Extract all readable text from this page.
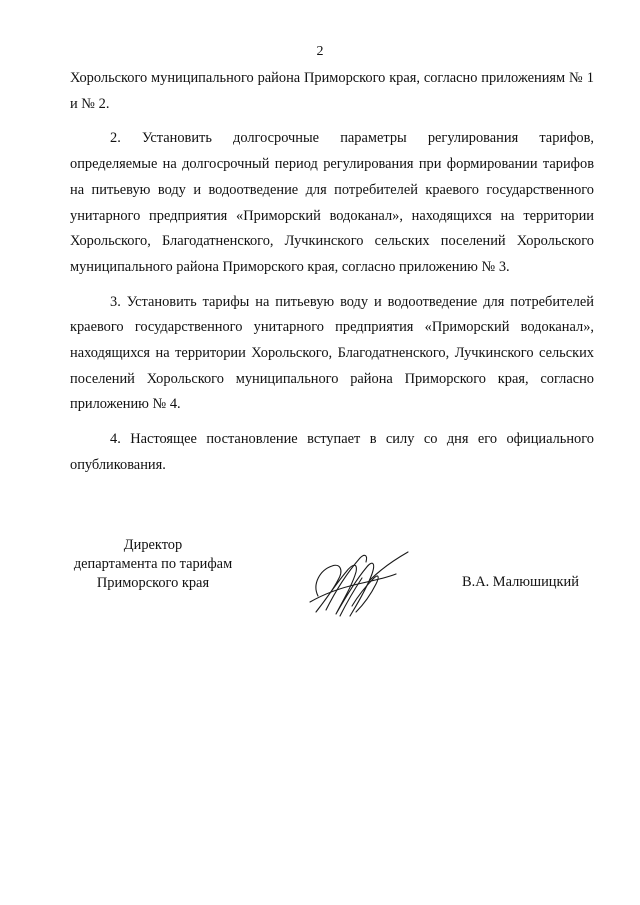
2

Хорольского муниципального района Приморского края, согласно приложениям № 1 и № 2.

2. Установить долгосрочные параметры регулирования тарифов, определяемые на долгосрочный период регулирования при формировании тарифов на питьевую воду и водоотведение для потребителей краевого государственного унитарного предприятия «Приморский водоканал», находящихся на территории Хорольского, Благодатненского, Лучкинского сельских поселений Хорольского муниципального района Приморского края, согласно приложению № 3.

3. Установить тарифы на питьевую воду и водоотведение для потребителей краевого государственного унитарного предприятия «Приморский водоканал», находящихся на территории Хорольского, Благодатненского, Лучкинского сельских поселений Хорольского муниципального района Приморского края, согласно приложению № 4.

4. Настоящее постановление вступает в силу со дня его официального опубликования.

Директор
департамента по тарифам
Приморского края	В.А. Малюшицкий
